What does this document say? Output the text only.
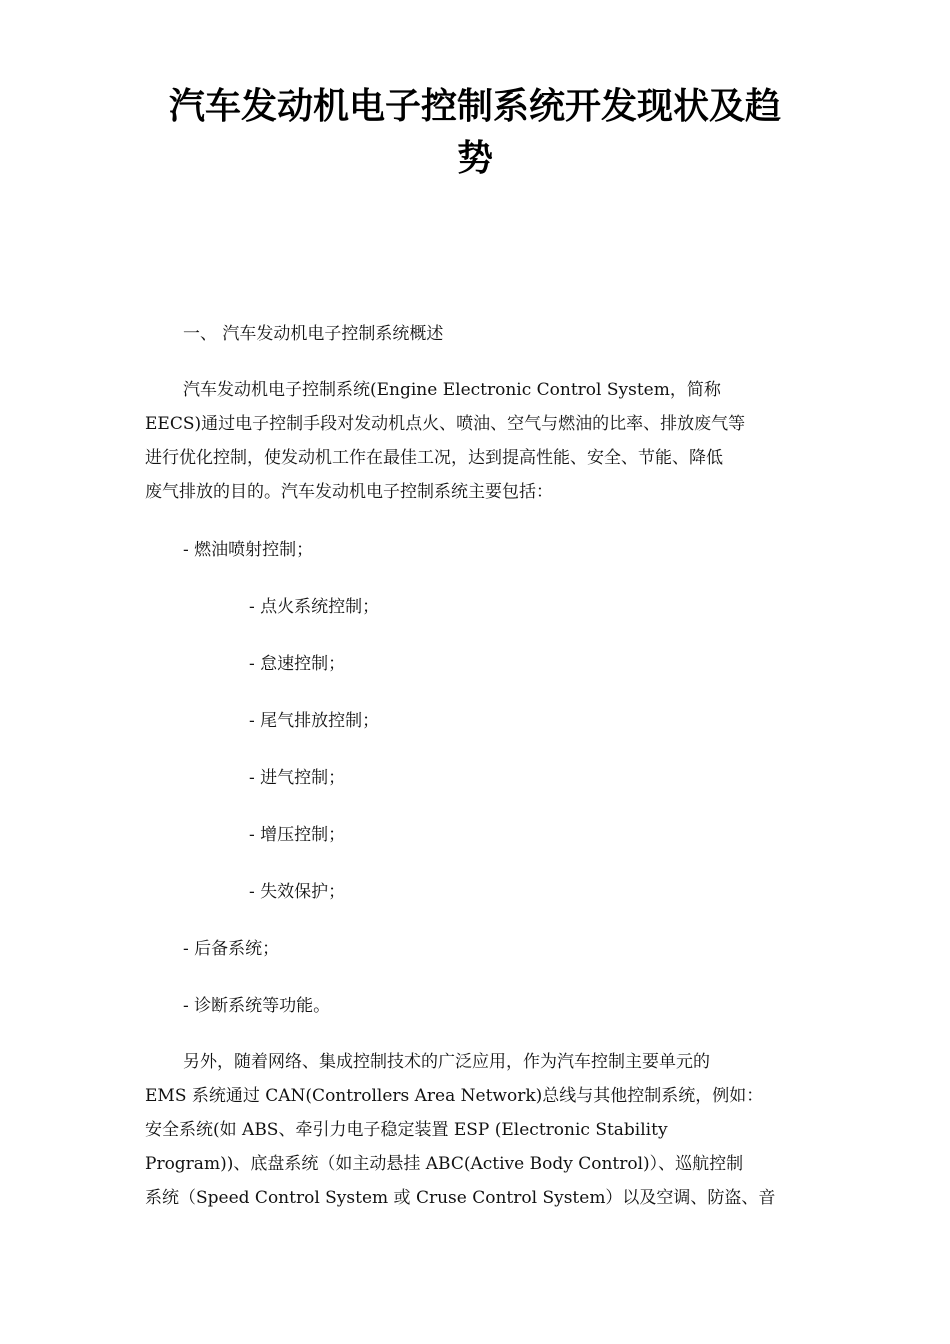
汽车发动机电子控制系统开发现状及趋
势

一、 汽车发动机电子控制系统概述

汽车发动机电子控制系统(Engine Electronic Control System，简称
EECS)通过电子控制手段对发动机点火、喷油、空气与燃油的比率、排放废气等
进行优化控制，使发动机工作在最佳工况，达到提高性能、安全、节能、降低
废气排放的目的。汽车发动机电子控制系统主要包括：

- 燃油喷射控制；

- 点火系统控制；

- 怠速控制；

- 尾气排放控制；

- 进气控制；

- 增压控制；

- 失效保护；

- 后备系统；

- 诊断系统等功能。

另外，随着网络、集成控制技术的广泛应用，作为汽车控制主要单元的
EMS 系统通过 CAN(Controllers Area Network)总线与其他控制系统，例如：
安全系统(如 ABS、牵引力电子稳定装置 ESP (Electronic Stability
Program))、底盘系统（如主动悬挂 ABC(Active Body Control)）、巡航控制
系统（Speed Control System 或 Cruse Control System）以及空调、防盗、音
